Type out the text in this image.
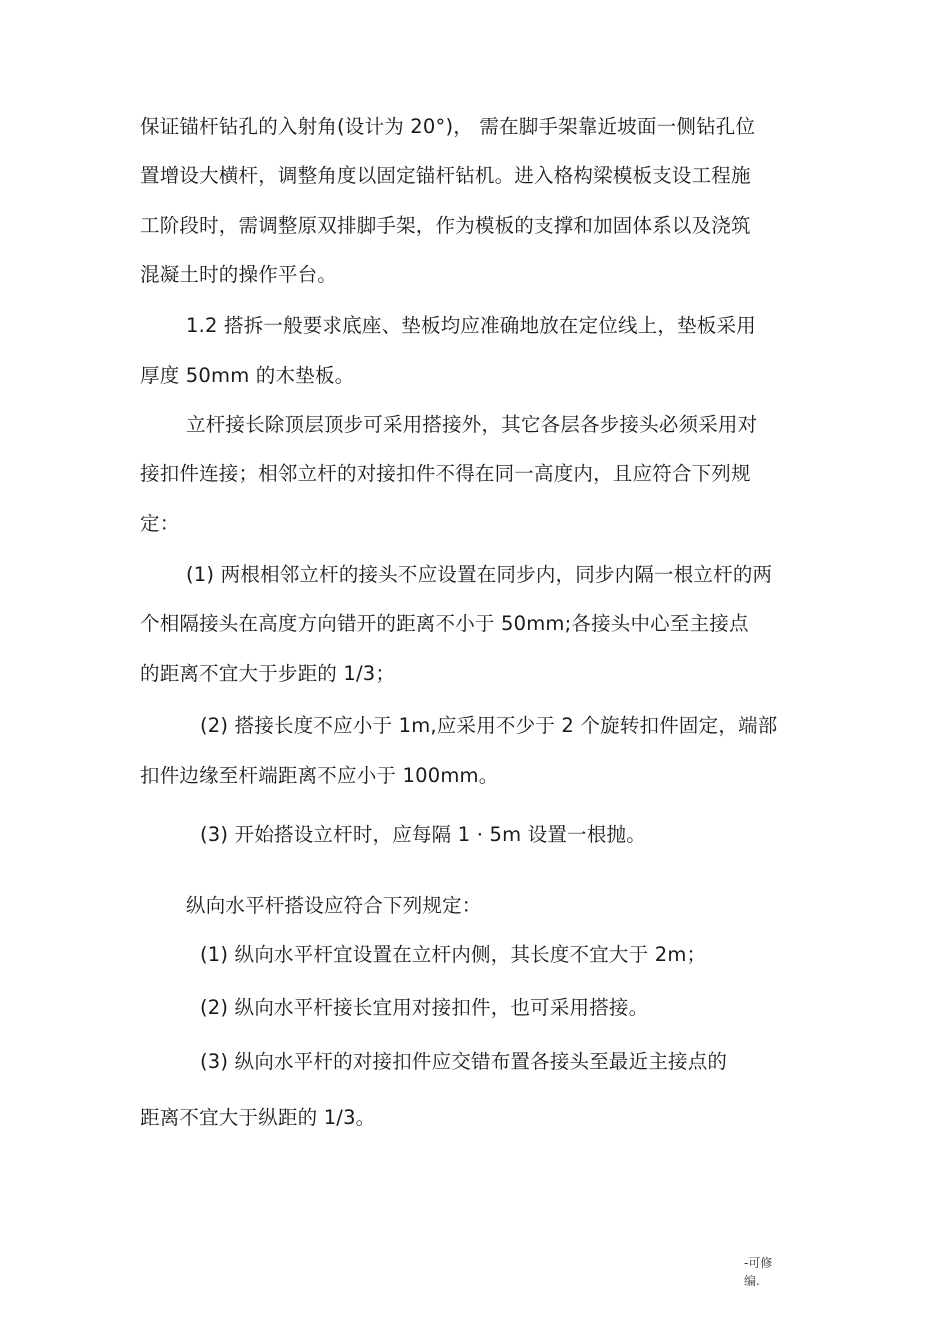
保证锚杆钻孔的入射角(设计为 20°)， 需在脚手架靠近坡面一侧钻孔位
置增设大横杆，调整角度以固定锚杆钻机。进入格构梁模板支设工程施
工阶段时，需调整原双排脚手架，作为模板的支撑和加固体系以及浇筑
混凝土时的操作平台。
1.2 搭拆一般要求底座、垫板均应准确地放在定位线上，垫板采用
厚度 50mm 的木垫板。
立杆接长除顶层顶步可采用搭接外，其它各层各步接头必须采用对
接扣件连接；相邻立杆的对接扣件不得在同一高度内，且应符合下列规
定：
(1) 两根相邻立杆的接头不应设置在同步内，同步内隔一根立杆的两
个相隔接头在高度方向错开的距离不小于 50mm;各接头中心至主接点
的距离不宜大于步距的 1/3；
(2) 搭接长度不应小于 1m,应采用不少于 2 个旋转扣件固定，端部
扣件边缘至杆端距离不应小于 100mm。
(3) 开始搭设立杆时，应每隔 1 · 5m 设置一根抛。
纵向水平杆搭设应符合下列规定：
(1) 纵向水平杆宜设置在立杆内侧，其长度不宜大于 2m；
(2) 纵向水平杆接长宜用对接扣件，也可采用搭接。
(3) 纵向水平杆的对接扣件应交错布置各接头至最近主接点的
距离不宜大于纵距的 1/3。
-可修
编.
